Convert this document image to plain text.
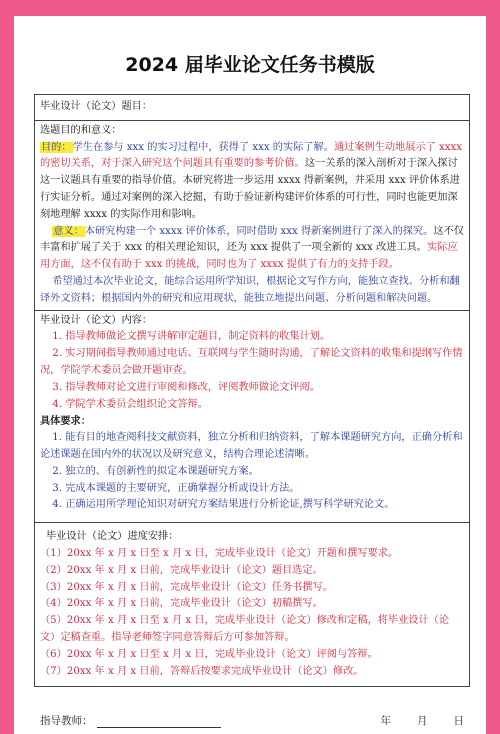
2024 届毕业论文任务书模版
毕业设计（论文）题目：
选题目的和意义：

目的：学生在参与 xxx 的实习过程中，获得了 xxx 的实际了解。通过案例生动地展示了 xxxx 的密切关系，对于深入研究这个问题具有重要的参考价值。这一关系的深入剖析对于深入探讨这一议题具有重要的指导价值。本研究将进一步运用 xxxx 得新案例，并采用 xxx 评价体系进行实证分析。通过对案例的深入挖掘，有助于验证新构建评价体系的可行性，同时也能更加深刻地理解 xxxx 的实际作用和影响。

意义：本研究构建一个 xxxx 评价体系，同时借助 xxx 得新案例进行了深入的探究。这不仅丰富和扩展了关于 xxx 的相关理论知识，还为 xxx 提供了一项全新的 xxx 改进工具。实际应用方面，这不仅有助于 xxx 的挑战，同时也为了 xxxx 提供了有力的支持手段。

希望通过本次毕业论文，能综合运用所学知识，根据论文写作方向，能独立查找、分析和翻译外文资料；根据国内外的研究和应用现状，能独立地提出问题、分析问题和解决问题。

毕业设计（论文）内容：

1. 指导教师做论文撰写讲解审定题目，制定资料的收集计划。

2. 实习期间指导教师通过电话、互联网与学生随时沟通，了解论文资料的收集和提纲写作情况，学院学术委员会做开题审查。

3. 指导教师对论文进行审阅和修改，评阅教师做论文评阅。

4. 学院学术委员会组织论文答辩。

具体要求：

1. 能有目的地查阅科技文献资料，独立分析和归纳资料，了解本课题研究方向，正确分析和论述课题在国内外的状况以及研究意义，结构合理论述清晰。

2. 独立的、有创新性的拟定本课题研究方案。

3. 完成本课题的主要研究，正确掌握分析或设计方法。

4. 正确运用所学理论知识对研究方案结果进行分析论证,撰写科学研究论文。

毕业设计（论文）进度安排：

（1）20xx 年 x 月 x 日至 x 月 x 日，完成毕业设计（论文）开题和撰写要求。

（2）20xx 年 x 月 x 日前，完成毕业设计（论文）题目选定。

（3）20xx 年 x 月 x 日前，完成毕业设计（论文）任务书撰写。

（4）20xx 年 x 月 x 日前，完成毕业设计（论文）初稿撰写。

（5）20xx 年 x 月 x 日至 x 月 x 日，完成毕业设计（论文）修改和定稿，将毕业设计（论文）定稿查重。指导老师签字同意答辩后方可参加答辩。

（6）20xx 年 x 月 x 日至 x 月 x 日，完成毕业设计（论文）评阅与答辩。

（7）20xx 年 x 月 x 日前，答辩后按要求完成毕业设计（论文）修改。

指导教师：	年 月 日
